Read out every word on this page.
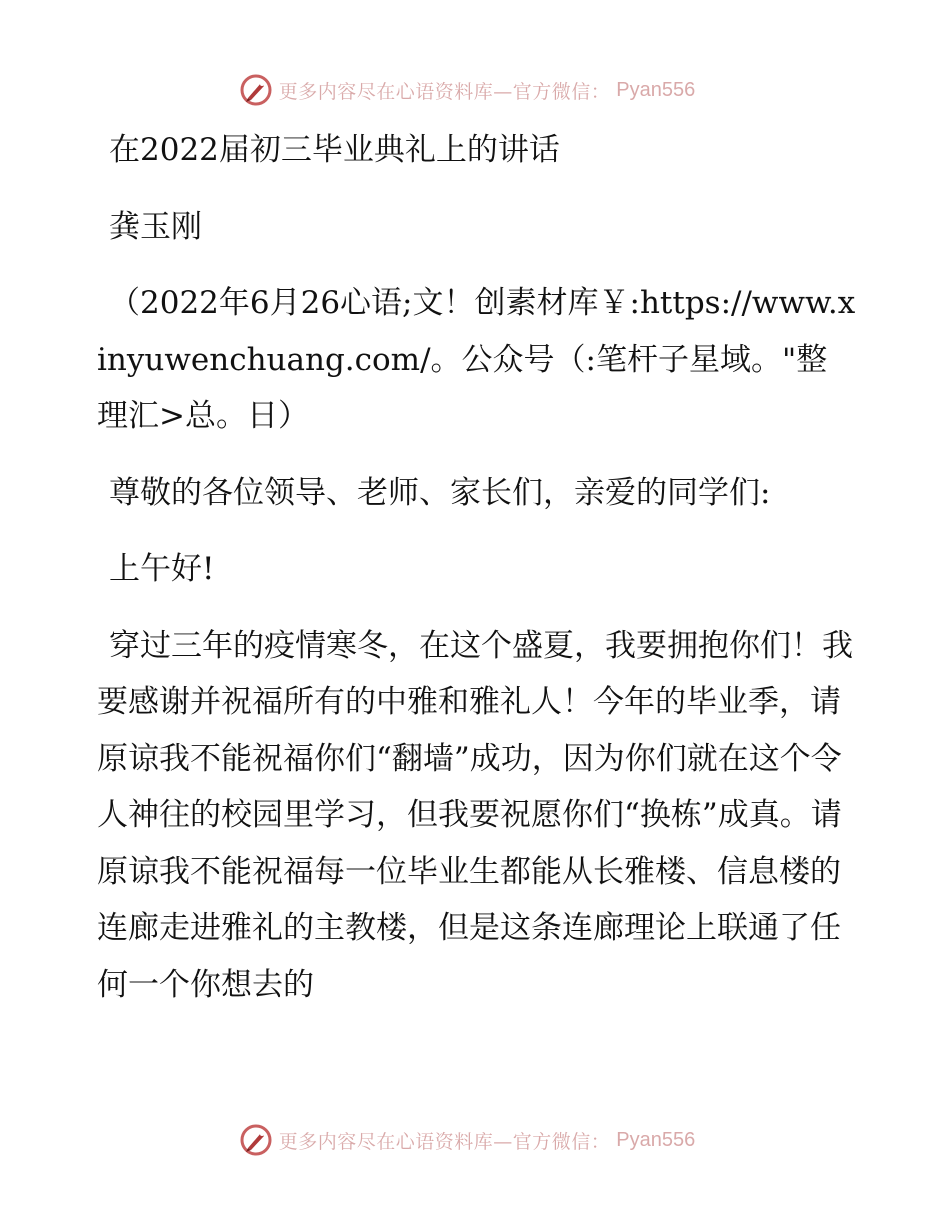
更多内容尽在心语资料库—官方微信： Pyan556

在2022届初三毕业典礼上的讲话

龚玉刚

（2022年6月26心语;文！创素材库￥:https://www.xinyuwenchuang.com/。公众号（:笔杆子星域。"整理汇>总。日）

尊敬的各位领导、老师、家长们，亲爱的同学们:

上午好!

穿过三年的疫情寒冬，在这个盛夏，我要拥抱你们！我要感谢并祝福所有的中雅和雅礼人！今年的毕业季，请原谅我不能祝福你们“翻墙”成功，因为你们就在这个令人神往的校园里学习，但我要祝愿你们“换栋”成真。请原谅我不能祝福每一位毕业生都能从长雅楼、信息楼的连廊走进雅礼的主教楼，但是这条连廊理论上联通了任何一个你想去的

更多内容尽在心语资料库—官方微信： Pyan556
